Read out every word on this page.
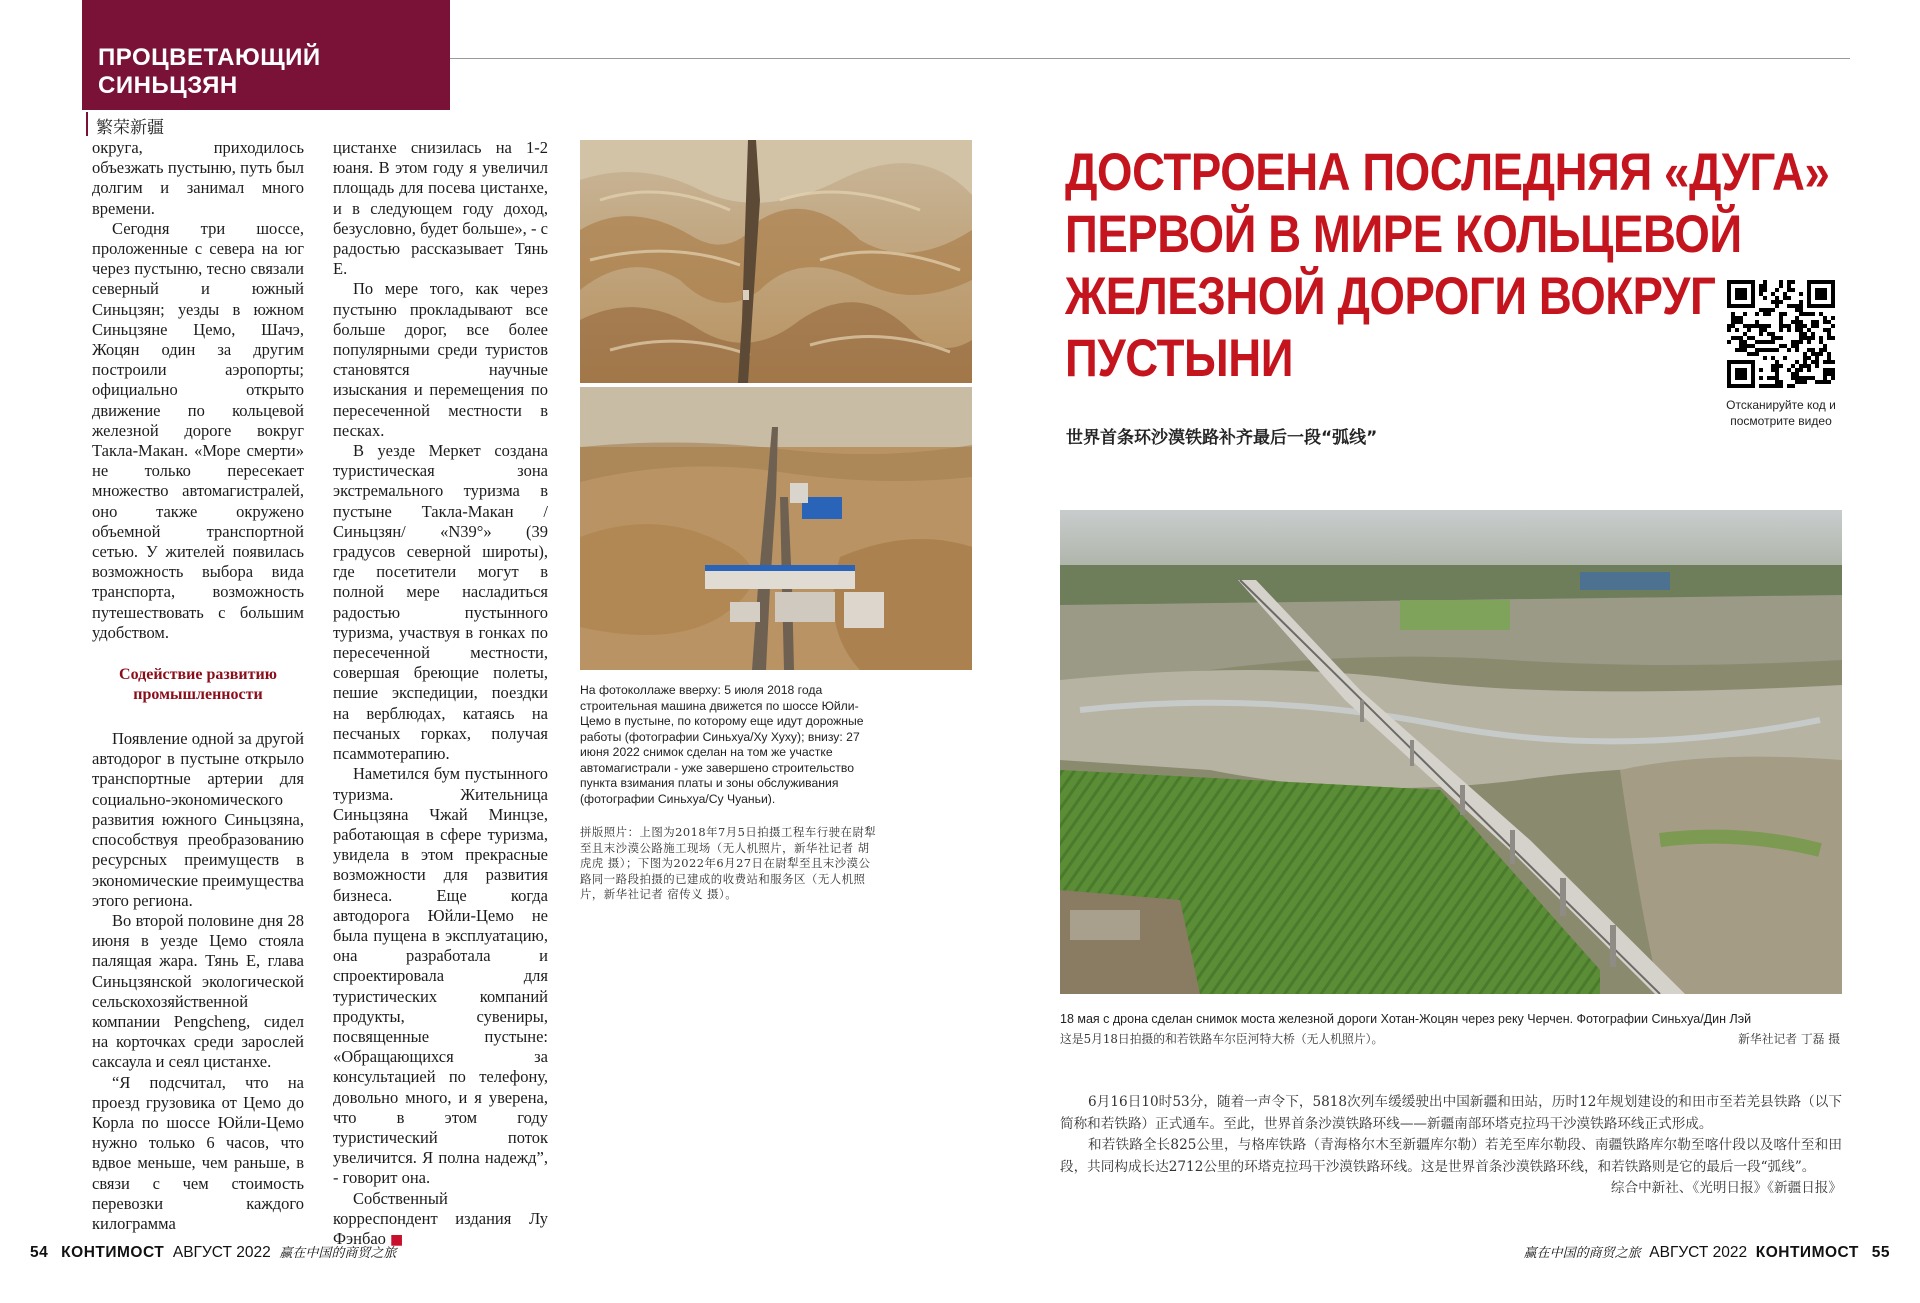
ПРОЦВЕТАЮЩИЙ
СИНЬЦЗЯН
繁荣新疆

округа, приходилось объезжать пустыню, путь был долгим и занимал много времени.

Сегодня три шоссе, проложенные с севера на юг через пустыню, тесно связали северный и южный Синьцзян; уезды в южном Синьцзяне Цемо, Шачэ, Жоцян один за другим построили аэропорты; официально открыто движение по кольцевой железной дороге вокруг Такла-Макан. «Море смерти» не только пересекает множество автомагистралей, оно также окружено объемной транспортной сетью. У жителей появилась возможность выбора вида транспорта, возможность путешествовать с большим удобством.

Содействие развитию промышленности

Появление одной за другой автодорог в пустыне открыло транспортные артерии для социально-экономического развития южного Синьцзяна, способствуя преобразованию ресурсных преимуществ в экономические преимущества этого региона.

Во второй половине дня 28 июня в уезде Цемо стояла палящая жара. Тянь Е, глава Синьцзянской экологической сельскохозяйственной компании Pengcheng, сидел на корточках среди зарослей саксаула и сеял цистанхе.

“Я подсчитал, что на проезд грузовика от Цемо до Корла по шоссе Юйли-Цемо нужно только 6 часов, что вдвое меньше, чем раньше, в связи с чем стоимость перевозки каждого килограмма

цистанхе снизилась на 1-2 юаня. В этом году я увеличил площадь для посева цистанхе, и в следующем году доход, безусловно, будет больше», - с радостью рассказывает Тянь Е.

По мере того, как через пустыню прокладывают все больше дорог, все более популярными среди туристов становятся научные изыскания и перемещения по пересеченной местности в песках.

В уезде Меркет создана туристическая зона экстремального туризма в пустыне Такла-Макан /Синьцзян/ «N39°» (39 градусов северной широты), где посетители могут в полной мере насладиться радостью пустынного туризма, участвуя в гонках по пересеченной местности, совершая бреющие полеты, пешие экспедиции, поездки на верблюдах, катаясь на песчаных горках, получая псаммотерапию.

Наметился бум пустынного туризма. Жительница Синьцзяна Чжай Минцзе, работающая в сфере туризма, увидела в этом прекрасные возможности для развития бизнеса. Еще когда автодорога Юйли-Цемо не была пущена в эксплуатацию, она разработала и спроектировала для туристических компаний продукты, сувениры, посвященные пустыне: «Обращающихся за консультацией по телефону, довольно много, и я уверена, что в этом году туристический поток увеличится. Я полна надежд”, - говорит она.

Собственный корреспондент издания Лу Фэнбао ■

На фотоколлаже вверху: 5 июля 2018 года строительная машина движется по шоссе Юйли-Цемо в пустыне, по которому еще идут дорожные работы (фотографии Синьхуа/Ху Хуху); внизу: 27 июня 2022 снимок сделан на том же участке автомагистрали - уже завершено строительство пункта взимания платы и зоны обслуживания (фотографии Синьхуа/Су Чуаньи).
拼版照片：上图为2018年7月5日拍摄工程车行驶在尉犁至且末沙漠公路施工现场（无人机照片，新华社记者 胡虎虎 摄）；下图为2022年6月27日在尉犁至且末沙漠公路同一路段拍摄的已建成的收费站和服务区（无人机照片，新华社记者 宿传义 摄）。
ДОСТРОЕНА ПОСЛЕДНЯЯ «ДУГА»
ПЕРВОЙ В МИРЕ КОЛЬЦЕВОЙ
ЖЕЛЕЗНОЙ ДОРОГИ ВОКРУГ
ПУСТЫНИ
世界首条环沙漠铁路补齐最后一段“弧线”
Отсканируйте код и посмотрите видео
18 мая с дрона сделан снимок моста железной дороги Хотан-Жоцян через реку Черчен. Фотографии Синьхуа/Дин Лэй
这是5月18日拍摄的和若铁路车尔臣河特大桥（无人机照片）。	新华社记者 丁磊 摄

6月16日10时53分，随着一声令下，5818次列车缓缓驶出中国新疆和田站，历时12年规划建设的和田市至若羌县铁路（以下简称和若铁路）正式通车。至此，世界首条沙漠铁路环线——新疆南部环塔克拉玛干沙漠铁路环线正式形成。

和若铁路全长825公里，与格库铁路（青海格尔木至新疆库尔勒）若羌至库尔勒段、南疆铁路库尔勒至喀什段以及喀什至和田段，共同构成长达2712公里的环塔克拉玛干沙漠铁路环线。这是世界首条沙漠铁路环线，和若铁路则是它的最后一段“弧线”。

综合中新社、《光明日报》《新疆日报》

54 КОНТИМОСТ АВГУСТ 2022 赢在中国的商贸之旅	赢在中国的商贸之旅 АВГУСТ 2022 КОНТИМОСТ 55
